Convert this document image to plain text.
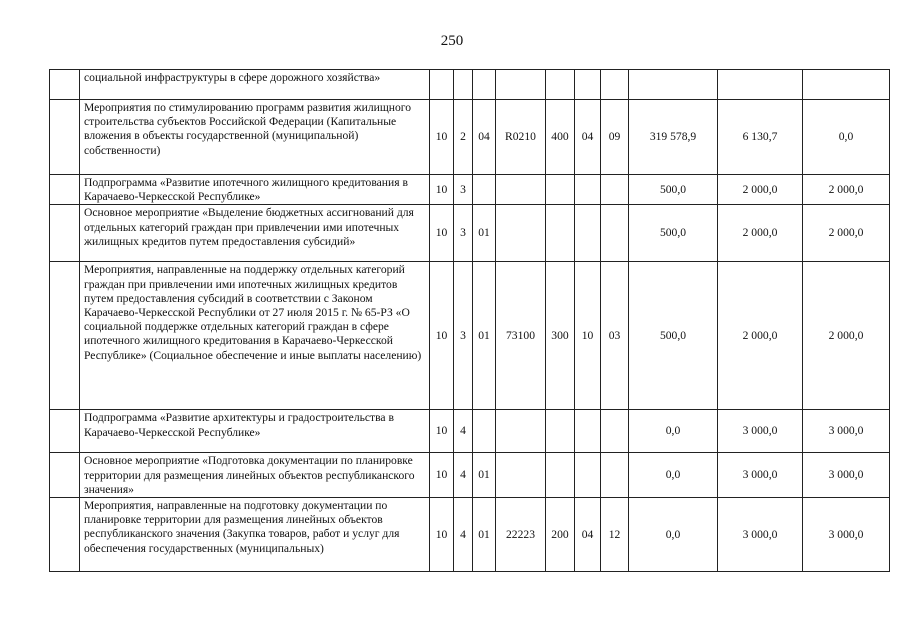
250
	социальной инфраструктуры в сфере дорожного хозяйства»										
	Мероприятия по стимулированию программ развития жилищного строительства субъектов Российской Федерации (Капитальные вложения в объекты государственной (муниципальной) собственности)	10	2	04	R0210	400	04	09	319 578,9	6 130,7	0,0
	Подпрограмма «Развитие ипотечного жилищного кредитования в Карачаево-Черкесской Республике»	10	3						500,0	2 000,0	2 000,0
	Основное мероприятие «Выделение бюджетных ассигнований для отдельных категорий граждан при привлечении ими ипотечных жилищных кредитов путем предоставления субсидий»	10	3	01					500,0	2 000,0	2 000,0
	Мероприятия, направленные на поддержку отдельных категорий граждан при привлечении ими ипотечных жилищных кредитов путем предоставления субсидий в соответствии с Законом Карачаево-Черкесской Республики от 27 июля 2015 г. № 65-РЗ «О социальной поддержке отдельных категорий граждан в сфере ипотечного жилищного кредитования в Карачаево-Черкесской Республике» (Социальное обеспечение и иные выплаты населению)	10	3	01	73100	300	10	03	500,0	2 000,0	2 000,0
	Подпрограмма «Развитие архитектуры и градостроительства в Карачаево-Черкесской Республике»	10	4						0,0	3 000,0	3 000,0
	Основное мероприятие «Подготовка документации по планировке территории для размещения линейных объектов республиканского значения»	10	4	01					0,0	3 000,0	3 000,0
	Мероприятия, направленные на подготовку документации по планировке территории для размещения линейных объектов республиканского значения (Закупка товаров, работ и услуг для обеспечения государственных (муниципальных)	10	4	01	22223	200	04	12	0,0	3 000,0	3 000,0
